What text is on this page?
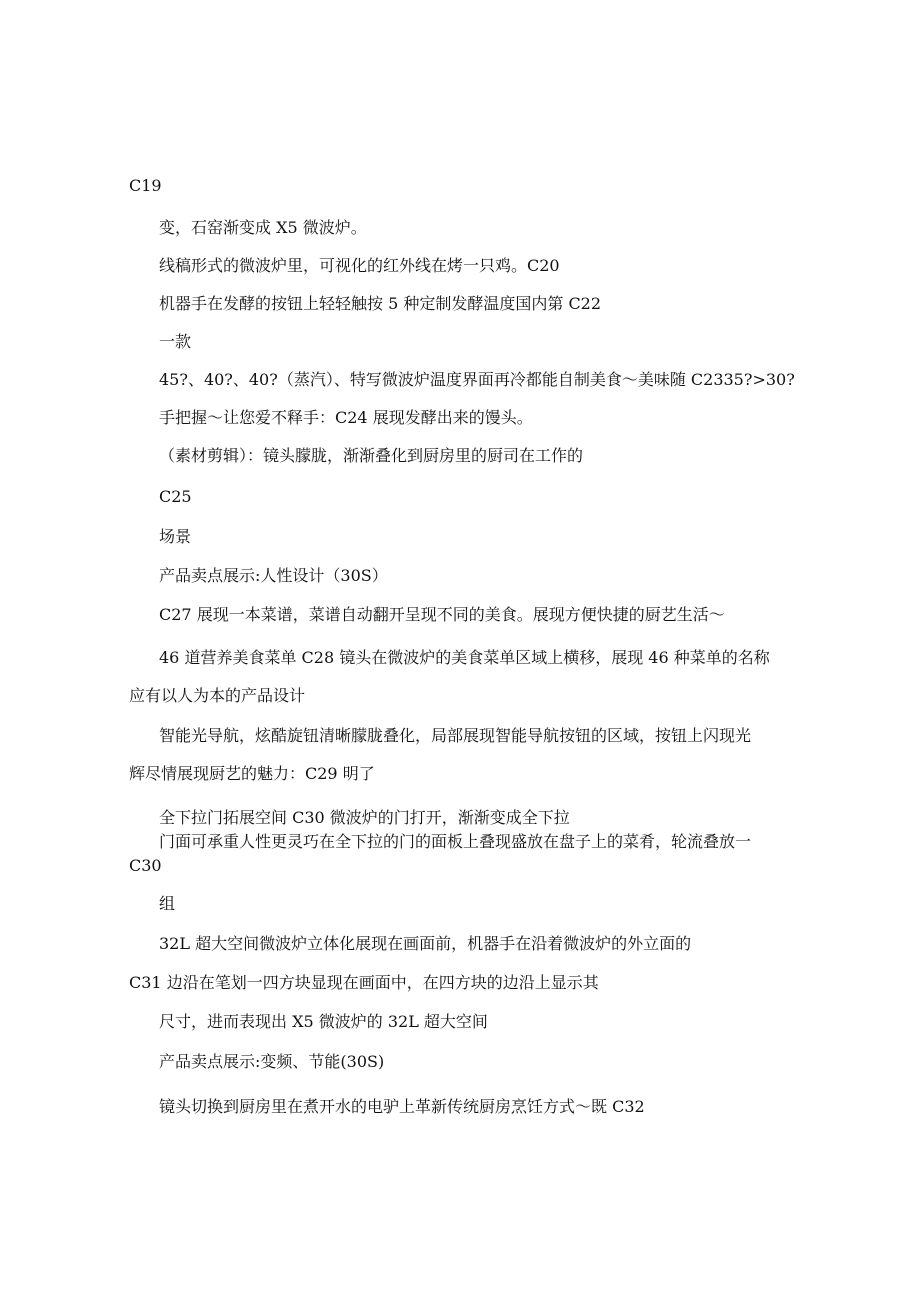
C19
变，石窑渐变成 X5 微波炉。
线稿形式的微波炉里，可视化的红外线在烤一只鸡。C20
机器手在发酵的按钮上轻轻触按 5 种定制发酵温度国内第 C22
一款
45?、40?、40?（蒸汽）、特写微波炉温度界面再冷都能自制美食～美味随 C2335?>30?
手把握～让您爱不释手：C24 展现发酵出来的馒头。
（素材剪辑）：镜头朦胧，渐渐叠化到厨房里的厨司在工作的
C25
场景
产品卖点展示:人性设计（30S）
C27 展现一本菜谱，菜谱自动翻开呈现不同的美食。展现方便快捷的厨艺生活～
46 道营养美食菜单 C28 镜头在微波炉的美食菜单区域上横移，展现 46 种菜单的名称
应有以人为本的产品设计
智能光导航，炫酷旋钮清晰朦胧叠化，局部展现智能导航按钮的区域，按钮上闪现光
辉尽情展现厨艺的魅力：C29 明了
全下拉门拓展空间 C30 微波炉的门打开，渐渐变成全下拉
门面可承重人性更灵巧在全下拉的门的面板上叠现盛放在盘子上的菜肴，轮流叠放一
C30
组
32L 超大空间微波炉立体化展现在画面前，机器手在沿着微波炉的外立面的
C31 边沿在笔划一四方块显现在画面中，在四方块的边沿上显示其
尺寸，进而表现出 X5 微波炉的 32L 超大空间
产品卖点展示:变频、节能(30S)
镜头切换到厨房里在煮开水的电驴上革新传统厨房烹饪方式～既 C32
